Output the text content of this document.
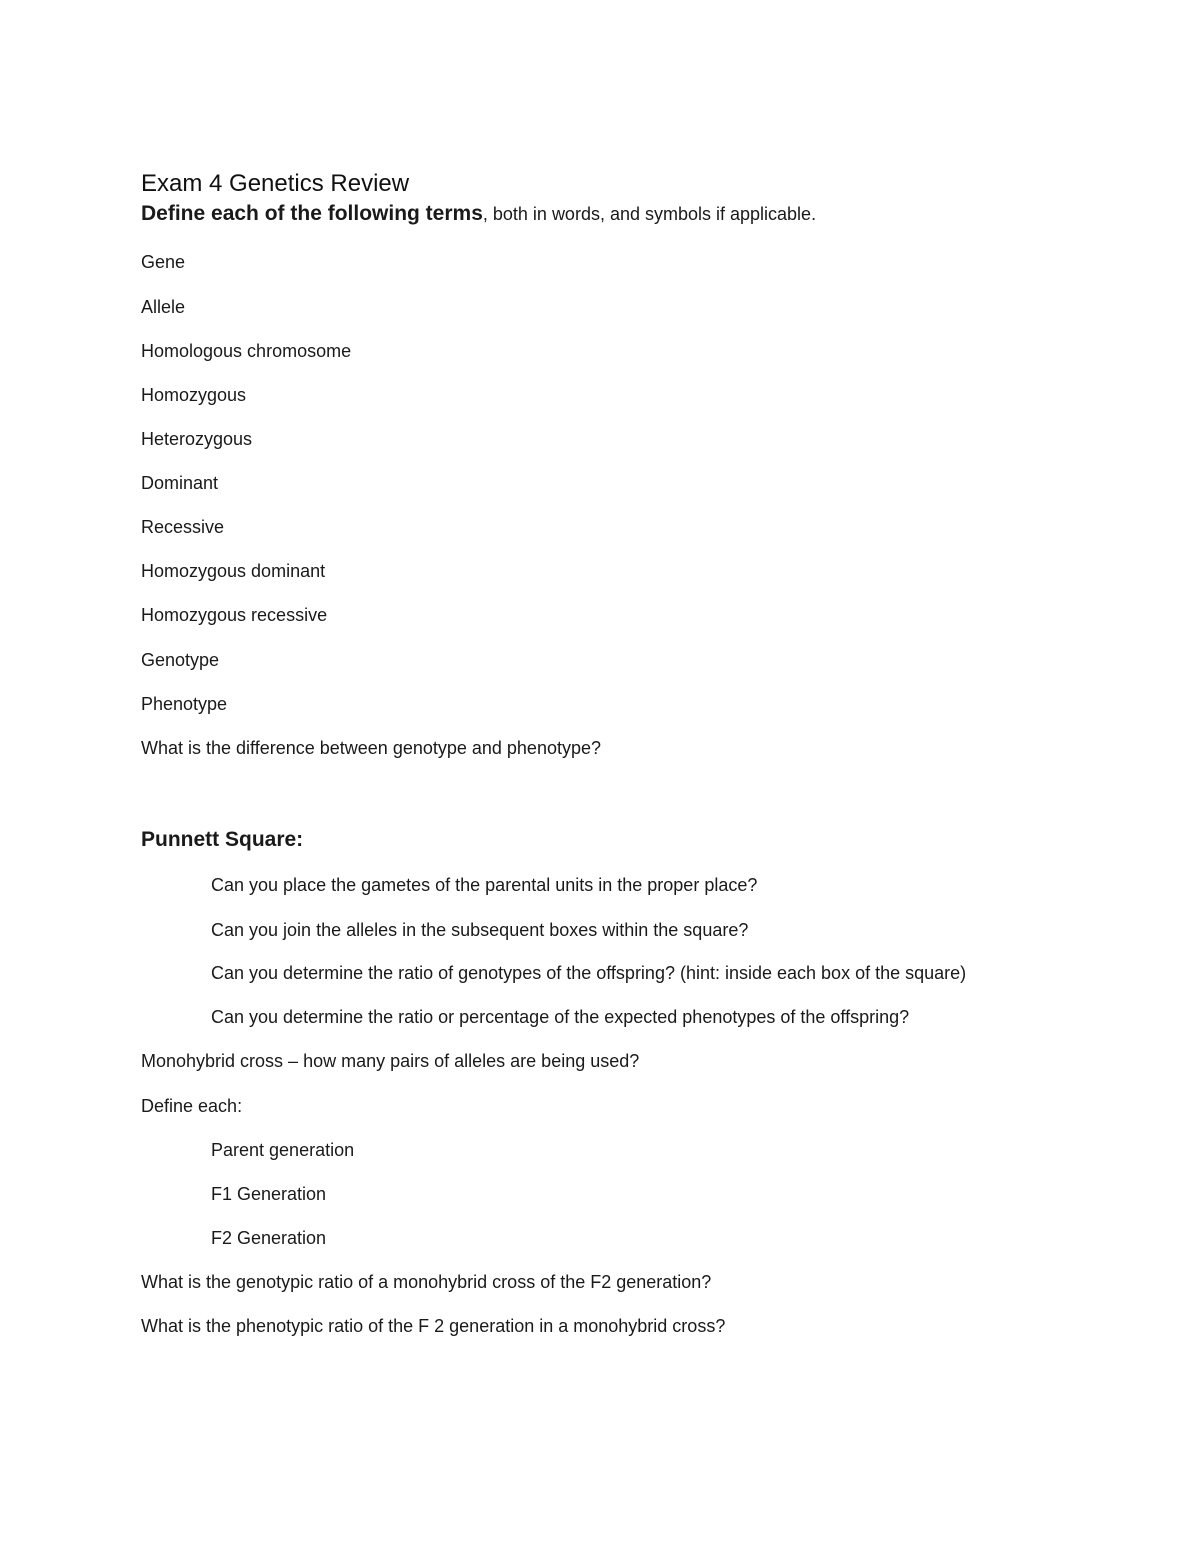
Exam 4 Genetics Review
Define each of the following terms, both in words, and symbols if applicable.
Gene
Allele
Homologous chromosome
Homozygous
Heterozygous
Dominant
Recessive
Homozygous dominant
Homozygous recessive
Genotype
Phenotype
What is the difference between genotype and phenotype?
Punnett Square:
Can you place the gametes of the parental units in the proper place?
Can you join the alleles in the subsequent boxes within the square?
Can you determine the ratio of genotypes of the offspring? (hint: inside each box of the square)
Can you determine the ratio or percentage of the expected phenotypes of the offspring?
Monohybrid cross – how many pairs of alleles are being used?
Define each:
Parent generation
F1 Generation
F2 Generation
What is the genotypic ratio of a monohybrid cross of the F2 generation?
What is the phenotypic ratio of the F 2 generation in a monohybrid cross?
